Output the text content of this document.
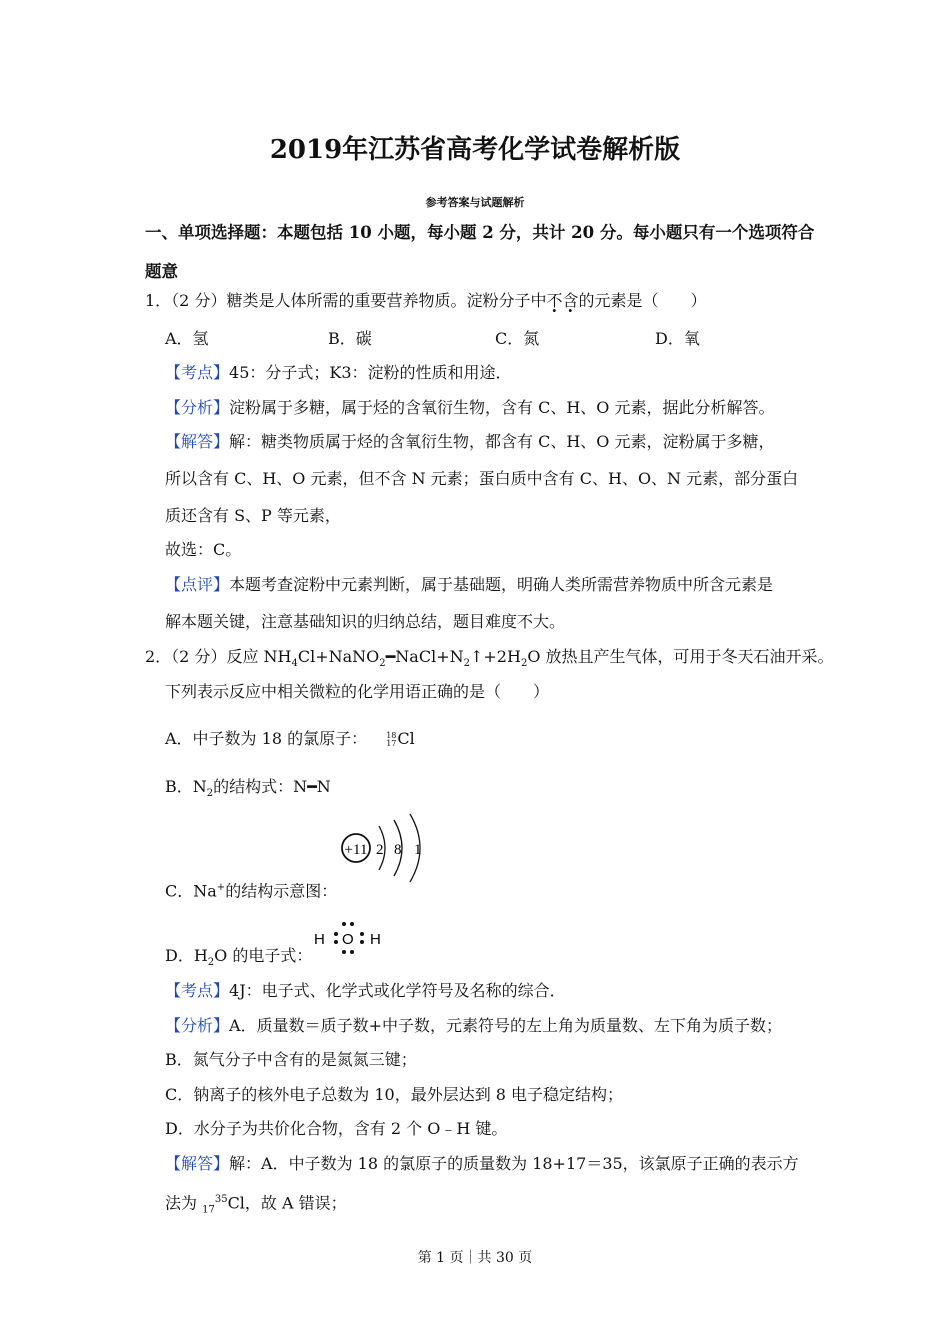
2019年江苏省高考化学试卷解析版
参考答案与试题解析
一、单项选择题：本题包括 10 小题，每小题 2 分，共计 20 分。每小题只有一个选项符合
题意
1．（2 分）糖类是人体所需的重要营养物质。淀粉分子中不含的元素是（　　）
A．氢	B．碳	C．氮	D．氧
【考点】45：分子式；K3：淀粉的性质和用途．
【分析】淀粉属于多糖，属于烃的含氧衍生物，含有 C、H、O 元素，据此分析解答。
【解答】解：糖类物质属于烃的含氧衍生物，都含有 C、H、O 元素，淀粉属于多糖，
所以含有 C、H、O 元素，但不含 N 元素；蛋白质中含有 C、H、O、N 元素，部分蛋白
质还含有 S、P 等元素，
故选：C。
【点评】本题考查淀粉中元素判断，属于基础题，明确人类所需营养物质中所含元素是
解本题关键，注意基础知识的归纳总结，题目难度不大。
2．（2 分）反应 $NH_4Cl+NaNO_2━NaCl+N_2↑+2H_2O$ 放热且产生气体，可用于冬天石油开采。
下列表示反应中相关微粒的化学用语正确的是（　　）
A．中子数为 18 的氯原子： 18
17Cl
B．$N_2$的结构式：N━N
+11 2 8 1
C．Na+的结构示意图：
H O H
D．$H_2O$ 的电子式：
【考点】4J：电子式、化学式或化学符号及名称的综合．
【分析】A．质量数＝质子数+中子数，元素符号的左上角为质量数、左下角为质子数；
B．氮气分子中含有的是氮氮三键；
C．钠离子的核外电子总数为 10，最外层达到 8 电子稳定结构；
D．水分子为共价化合物，含有 2 个 O﹣H 键。
【解答】解：A．中子数为 18 的氯原子的质量数为 18+17＝35，该氯原子正确的表示方
法为 $_{17}^{35}$Cl，故 A 错误；
第 1 页｜共 30 页
